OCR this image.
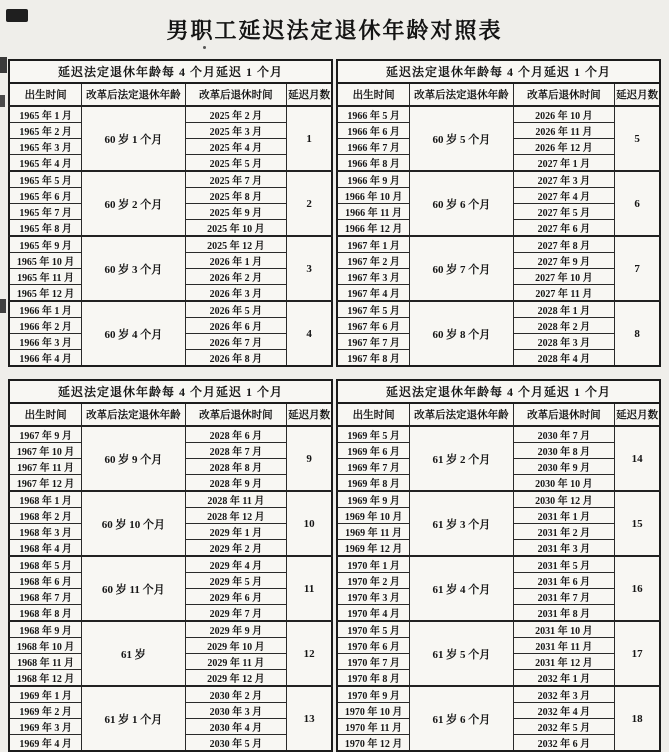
男职工延迟法定退休年龄对照表
延迟法定退休年龄每 4 个月延迟 1 个月			
出生时间	改革后法定退休年龄	改革后退休时间	延迟月数
1965 年 1 月	60 岁 1 个月	2025 年 2 月	1
1965 年 2 月		2025 年 3 月	
1965 年 3 月		2025 年 4 月	
1965 年 4 月		2025 年 5 月	
1965 年 5 月	60 岁 2 个月	2025 年 7 月	2
1965 年 6 月		2025 年 8 月	
1965 年 7 月		2025 年 9 月	
1965 年 8 月		2025 年 10 月	
1965 年 9 月	60 岁 3 个月	2025 年 12 月	3
1965 年 10 月		2026 年 1 月	
1965 年 11 月		2026 年 2 月	
1965 年 12 月		2026 年 3 月	
1966 年 1 月	60 岁 4 个月	2026 年 5 月	4
1966 年 2 月		2026 年 6 月	
1966 年 3 月		2026 年 7 月	
1966 年 4 月		2026 年 8 月	
延迟法定退休年龄每 4 个月延迟 1 个月			
出生时间	改革后法定退休年龄	改革后退休时间	延迟月数
1966 年 5 月	60 岁 5 个月	2026 年 10 月	5
1966 年 6 月		2026 年 11 月	
1966 年 7 月		2026 年 12 月	
1966 年 8 月		2027 年 1 月	
1966 年 9 月	60 岁 6 个月	2027 年 3 月	6
1966 年 10 月		2027 年 4 月	
1966 年 11 月		2027 年 5 月	
1966 年 12 月		2027 年 6 月	
1967 年 1 月	60 岁 7 个月	2027 年 8 月	7
1967 年 2 月		2027 年 9 月	
1967 年 3 月		2027 年 10 月	
1967 年 4 月		2027 年 11 月	
1967 年 5 月	60 岁 8 个月	2028 年 1 月	8
1967 年 6 月		2028 年 2 月	
1967 年 7 月		2028 年 3 月	
1967 年 8 月		2028 年 4 月	
延迟法定退休年龄每 4 个月延迟 1 个月			
出生时间	改革后法定退休年龄	改革后退休时间	延迟月数
1967 年 9 月	60 岁 9 个月	2028 年 6 月	9
1967 年 10 月		2028 年 7 月	
1967 年 11 月		2028 年 8 月	
1967 年 12 月		2028 年 9 月	
1968 年 1 月	60 岁 10 个月	2028 年 11 月	10
1968 年 2 月		2028 年 12 月	
1968 年 3 月		2029 年 1 月	
1968 年 4 月		2029 年 2 月	
1968 年 5 月	60 岁 11 个月	2029 年 4 月	11
1968 年 6 月		2029 年 5 月	
1968 年 7 月		2029 年 6 月	
1968 年 8 月		2029 年 7 月	
1968 年 9 月	61 岁	2029 年 9 月	12
1968 年 10 月		2029 年 10 月	
1968 年 11 月		2029 年 11 月	
1968 年 12 月		2029 年 12 月	
1969 年 1 月	61 岁 1 个月	2030 年 2 月	13
1969 年 2 月		2030 年 3 月	
1969 年 3 月		2030 年 4 月	
1969 年 4 月		2030 年 5 月	
延迟法定退休年龄每 4 个月延迟 1 个月			
出生时间	改革后法定退休年龄	改革后退休时间	延迟月数
1969 年 5 月	61 岁 2 个月	2030 年 7 月	14
1969 年 6 月		2030 年 8 月	
1969 年 7 月		2030 年 9 月	
1969 年 8 月		2030 年 10 月	
1969 年 9 月	61 岁 3 个月	2030 年 12 月	15
1969 年 10 月		2031 年 1 月	
1969 年 11 月		2031 年 2 月	
1969 年 12 月		2031 年 3 月	
1970 年 1 月	61 岁 4 个月	2031 年 5 月	16
1970 年 2 月		2031 年 6 月	
1970 年 3 月		2031 年 7 月	
1970 年 4 月		2031 年 8 月	
1970 年 5 月	61 岁 5 个月	2031 年 10 月	17
1970 年 6 月		2031 年 11 月	
1970 年 7 月		2031 年 12 月	
1970 年 8 月		2032 年 1 月	
1970 年 9 月	61 岁 6 个月	2032 年 3 月	18
1970 年 10 月		2032 年 4 月	
1970 年 11 月		2032 年 5 月	
1970 年 12 月		2032 年 6 月	
